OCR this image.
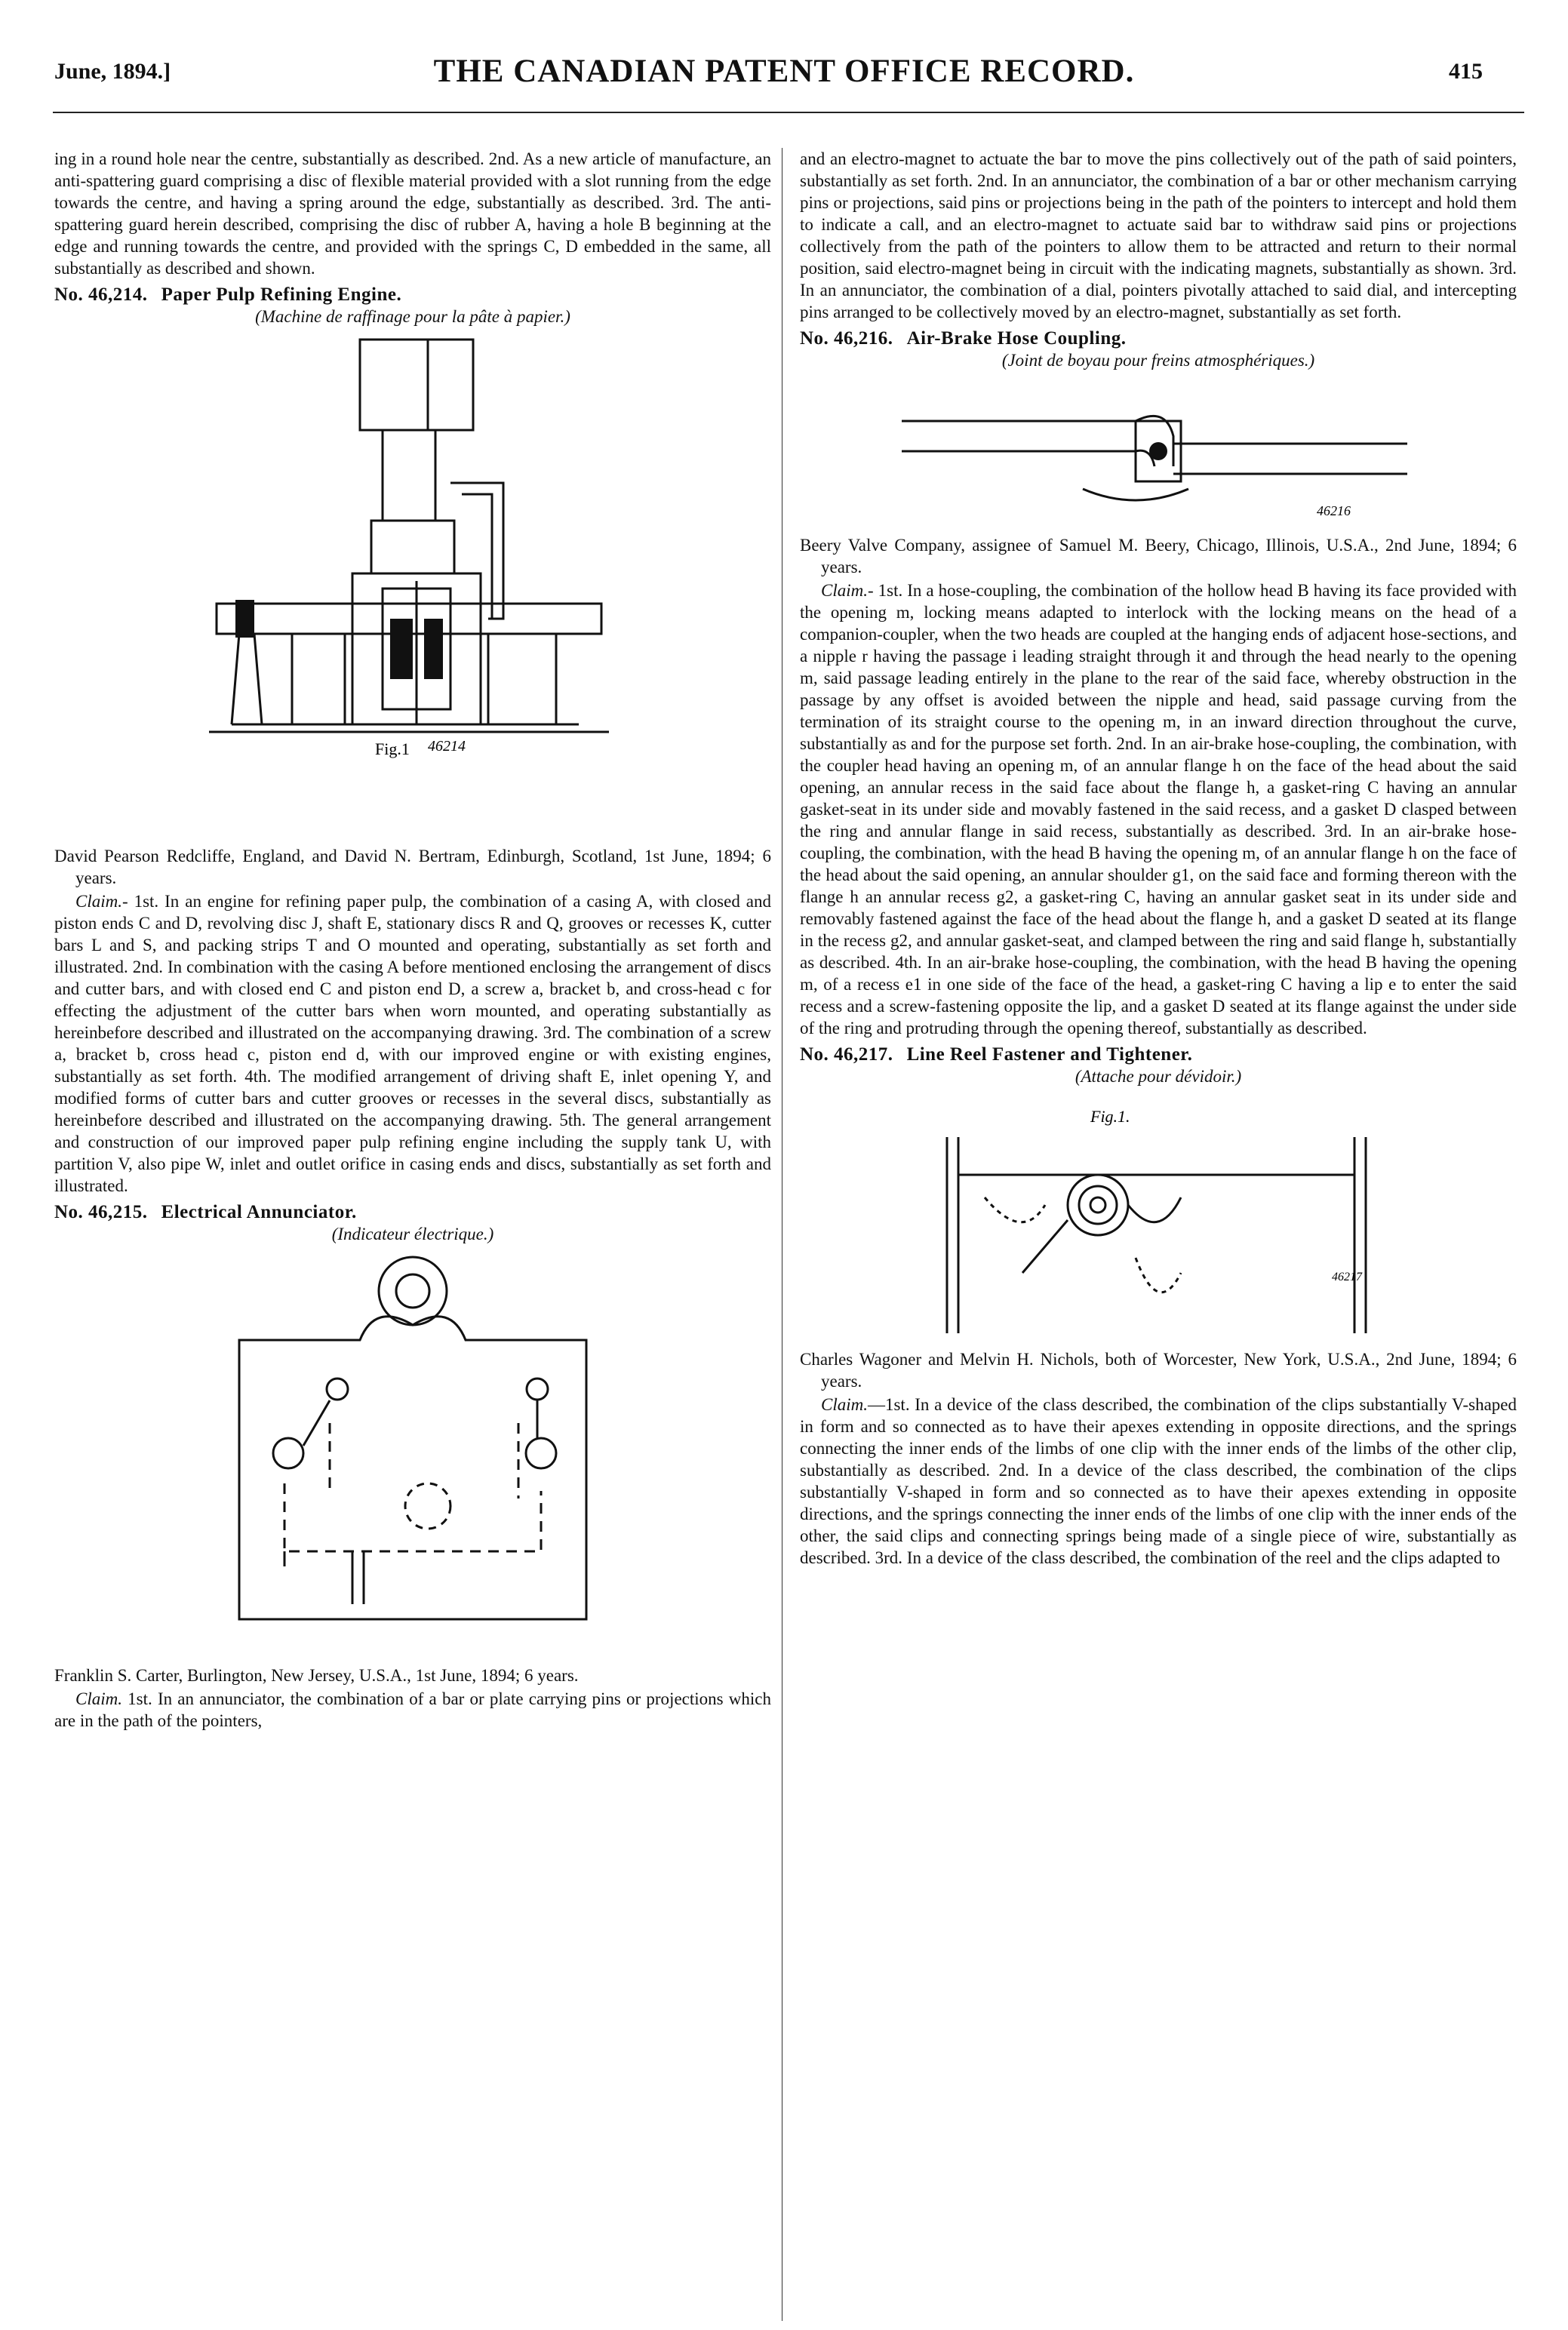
June, 1894.]	THE CANADIAN PATENT OFFICE RECORD.	415

ing in a round hole near the centre, substantially as described. 2nd. As a new article of manufacture, an anti-spattering guard comprising a disc of flexible material provided with a slot running from the edge towards the centre, and having a spring around the edge, substantially as described. 3rd. The anti-spattering guard herein described, comprising the disc of rubber A, having a hole B beginning at the edge and running towards the centre, and provided with the springs C, D embedded in the same, all substantially as described and shown.

No. 46,214. Paper Pulp Refining Engine.
(Machine de raffinage pour la pâte à papier.)
Fig.1 46214

David Pearson Redcliffe, England, and David N. Bertram, Edinburgh, Scotland, 1st June, 1894; 6 years.

Claim.- 1st. In an engine for refining paper pulp, the combination of a casing A, with closed and piston ends C and D, revolving disc J, shaft E, stationary discs R and Q, grooves or recesses K, cutter bars L and S, and packing strips T and O mounted and operating, substantially as set forth and illustrated. 2nd. In combination with the casing A before mentioned enclosing the arrangement of discs and cutter bars, and with closed end C and piston end D, a screw a, bracket b, and cross-head c for effecting the adjustment of the cutter bars when worn mounted, and operating substantially as hereinbefore described and illustrated on the accompanying drawing. 3rd. The combination of a screw a, bracket b, cross head c, piston end d, with our improved engine or with existing engines, substantially as set forth. 4th. The modified arrangement of driving shaft E, inlet opening Y, and modified forms of cutter bars and cutter grooves or recesses in the several discs, substantially as hereinbefore described and illustrated on the accompanying drawing. 5th. The general arrangement and construction of our improved paper pulp refining engine including the supply tank U, with partition V, also pipe W, inlet and outlet orifice in casing ends and discs, substantially as set forth and illustrated.

No. 46,215. Electrical Annunciator.
(Indicateur électrique.)

Franklin S. Carter, Burlington, New Jersey, U.S.A., 1st June, 1894; 6 years.

Claim. 1st. In an annunciator, the combination of a bar or plate carrying pins or projections which are in the path of the pointers,

and an electro-magnet to actuate the bar to move the pins collectively out of the path of said pointers, substantially as set forth. 2nd. In an annunciator, the combination of a bar or other mechanism carrying pins or projections, said pins or projections being in the path of the pointers to intercept and hold them to indicate a call, and an electro-magnet to actuate said bar to withdraw said pins or projections collectively from the path of the pointers to allow them to be attracted and return to their normal position, said electro-magnet being in circuit with the indicating magnets, substantially as shown. 3rd. In an annunciator, the combination of a dial, pointers pivotally attached to said dial, and intercepting pins arranged to be collectively moved by an electro-magnet, substantially as set forth.

No. 46,216. Air-Brake Hose Coupling.
(Joint de boyau pour freins atmosphériques.)
46216

Beery Valve Company, assignee of Samuel M. Beery, Chicago, Illinois, U.S.A., 2nd June, 1894; 6 years.

Claim.- 1st. In a hose-coupling, the combination of the hollow head B having its face provided with the opening m, locking means adapted to interlock with the locking means on the head of a companion-coupler, when the two heads are coupled at the hanging ends of adjacent hose-sections, and a nipple r having the passage i leading straight through it and through the head nearly to the opening m, said passage leading entirely in the plane to the rear of the said face, whereby obstruction in the passage by any offset is avoided between the nipple and head, said passage curving from the termination of its straight course to the opening m, in an inward direction throughout the curve, substantially as and for the purpose set forth. 2nd. In an air-brake hose-coupling, the combination, with the coupler head having an opening m, of an annular flange h on the face of the head about the said opening, an annular recess in the said face about the flange h, a gasket-ring C having an annular gasket-seat in its under side and movably fastened in the said recess, and a gasket D clasped between the ring and annular flange in said recess, substantially as described. 3rd. In an air-brake hose-coupling, the combination, with the head B having the opening m, of an annular flange h on the face of the head about the said opening, an annular shoulder g1, on the said face and forming thereon with the flange h an annular recess g2, a gasket-ring C, having an annular gasket seat in its under side and removably fastened against the face of the head about the flange h, and a gasket D seated at its flange in the recess g2, and annular gasket-seat, and clamped between the ring and said flange h, substantially as described. 4th. In an air-brake hose-coupling, the combination, with the head B having the opening m, of a recess e1 in one side of the face of the head, a gasket-ring C having a lip e to enter the said recess and a screw-fastening opposite the lip, and a gasket D seated at its flange against the under side of the ring and protruding through the opening thereof, substantially as described.

No. 46,217. Line Reel Fastener and Tightener.
(Attache pour dévidoir.)
Fig.1.
46217

Charles Wagoner and Melvin H. Nichols, both of Worcester, New York, U.S.A., 2nd June, 1894; 6 years.

Claim.—1st. In a device of the class described, the combination of the clips substantially V-shaped in form and so connected as to have their apexes extending in opposite directions, and the springs connecting the inner ends of the limbs of one clip with the inner ends of the limbs of the other clip, substantially as described. 2nd. In a device of the class described, the combination of the clips substantially V-shaped in form and so connected as to have their apexes extending in opposite directions, and the springs connecting the inner ends of the limbs of one clip with the inner ends of the other, the said clips and connecting springs being made of a single piece of wire, substantially as described. 3rd. In a device of the class described, the combination of the reel and the clips adapted to
